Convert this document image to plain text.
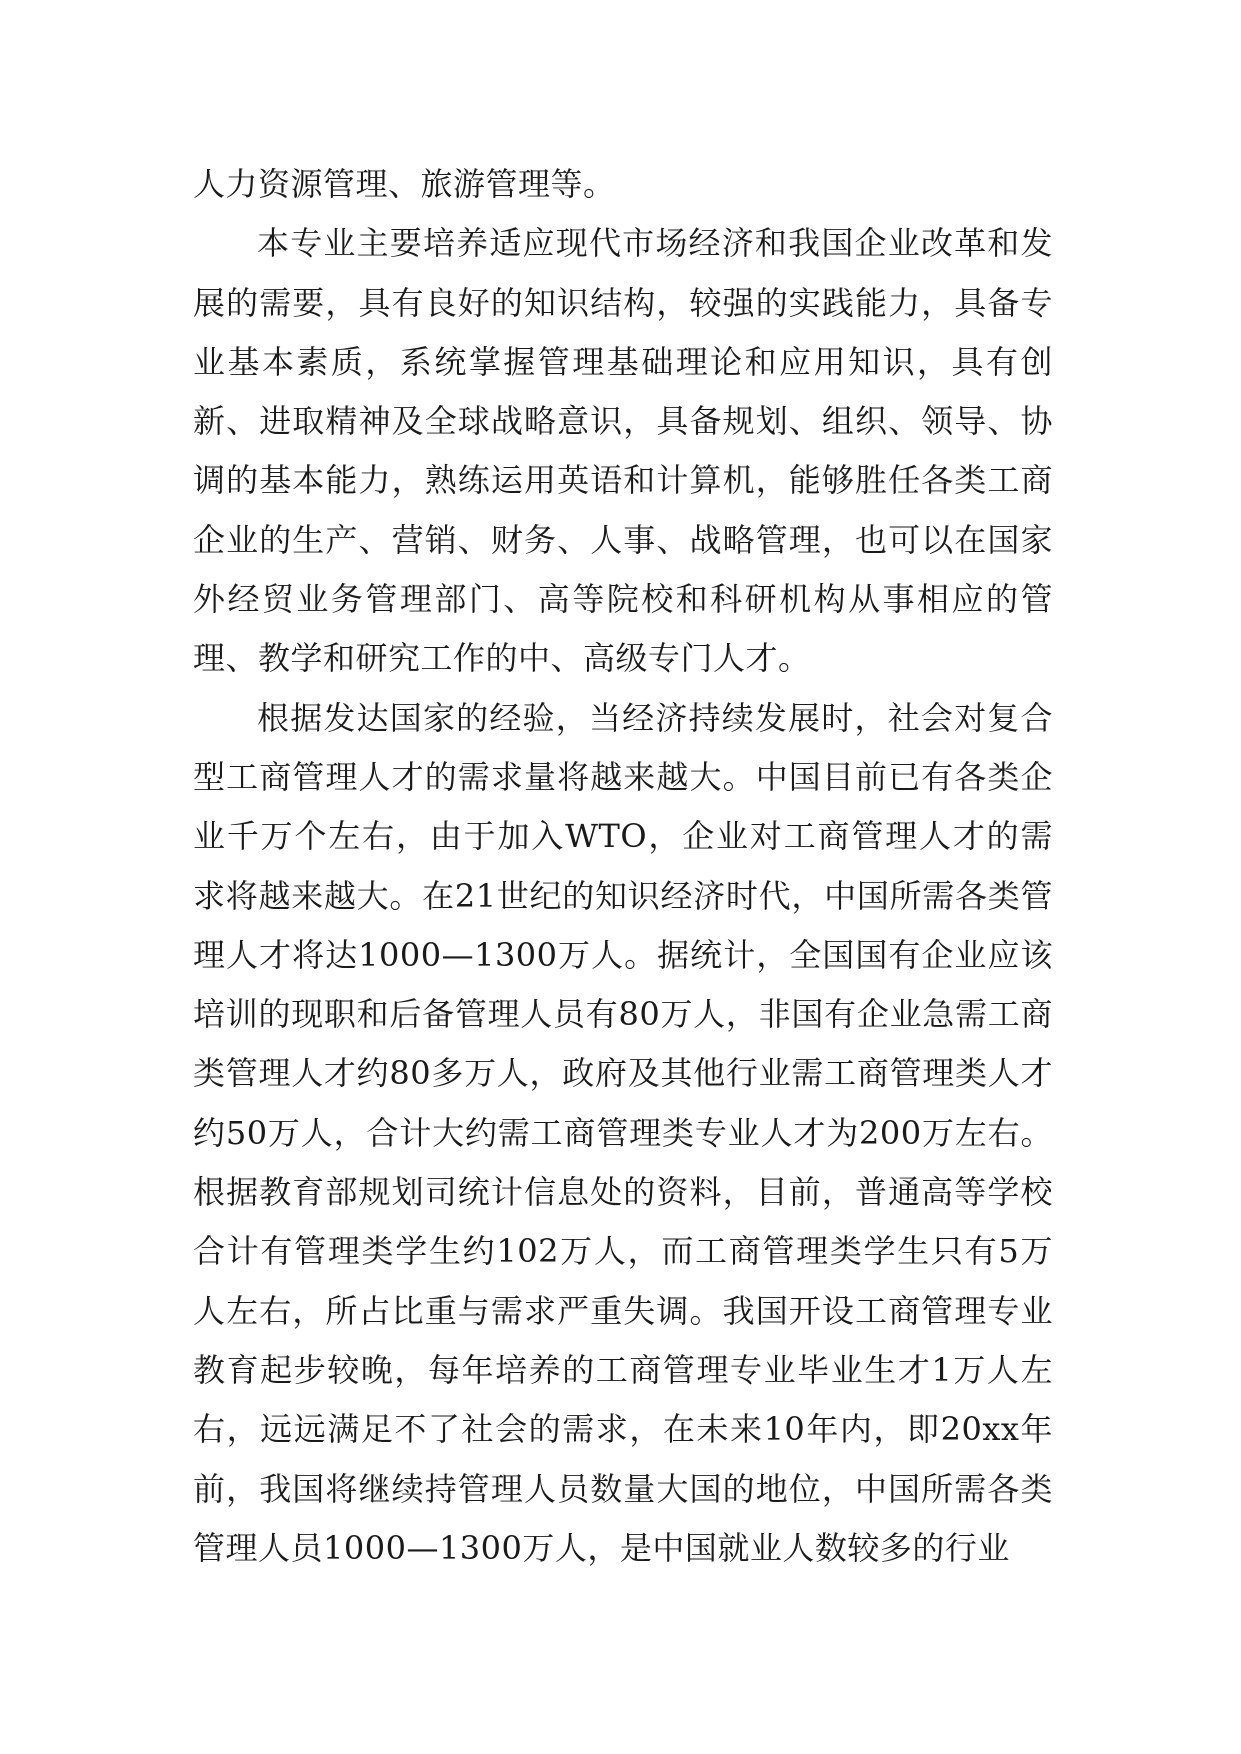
人力资源管理、旅游管理等。

本专业主要培养适应现代市场经济和我国企业改革和发展的需要，具有良好的知识结构，较强的实践能力，具备专业基本素质，系统掌握管理基础理论和应用知识，具有创新、进取精神及全球战略意识，具备规划、组织、领导、协调的基本能力，熟练运用英语和计算机，能够胜任各类工商企业的生产、营销、财务、人事、战略管理，也可以在国家外经贸业务管理部门、高等院校和科研机构从事相应的管理、教学和研究工作的中、高级专门人才。

根据发达国家的经验，当经济持续发展时，社会对复合型工商管理人才的需求量将越来越大。中国目前已有各类企业千万个左右，由于加入WTO，企业对工商管理人才的需求将越来越大。在21世纪的知识经济时代，中国所需各类管理人才将达1000—1300万人。据统计，全国国有企业应该培训的现职和后备管理人员有80万人，非国有企业急需工商类管理人才约80多万人，政府及其他行业需工商管理类人才约50万人，合计大约需工商管理类专业人才为200万左右。根据教育部规划司统计信息处的资料，目前，普通高等学校合计有管理类学生约102万人，而工商管理类学生只有5万人左右，所占比重与需求严重失调。我国开设工商管理专业教育起步较晚，每年培养的工商管理专业毕业生才1万人左右，远远满足不了社会的需求，在未来10年内，即20xx年前，我国将继续持管理人员数量大国的地位，中国所需各类管理人员1000—1300万人，是中国就业人数较多的行业
